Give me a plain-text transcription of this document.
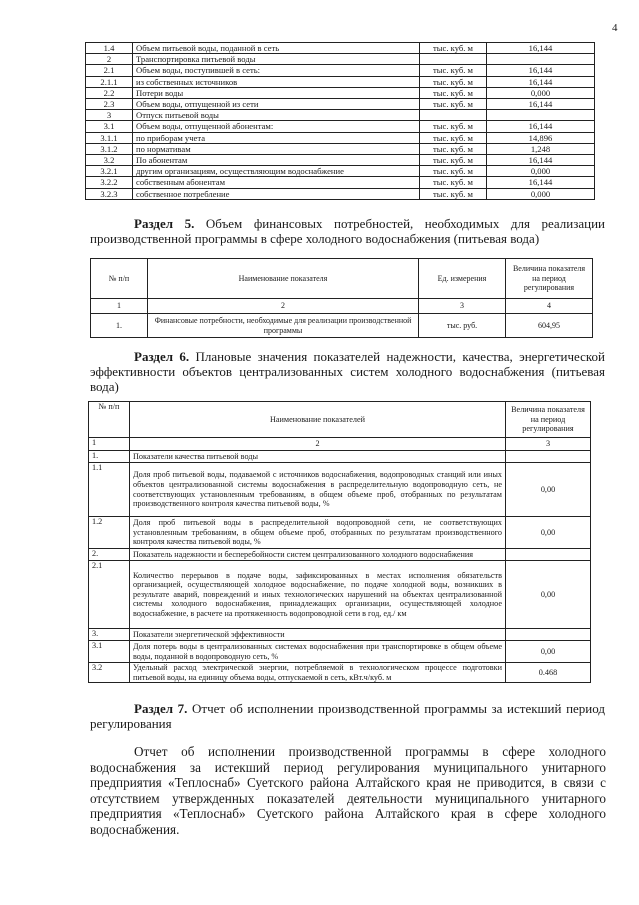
4
1.4	Объем питьевой воды, поданной в сеть	тыс. куб. м	16,144
2	Транспортировка питьевой воды		
2.1	Объем воды, поступившей в сеть:	тыс. куб. м	16,144
2.1.1	из собственных источников	тыс. куб. м	16,144
2.2	Потери воды	тыс. куб. м	0,000
2.3	Объем воды, отпущенной из сети	тыс. куб. м	16,144
3	Отпуск питьевой воды		
3.1	Объем воды, отпущенной абонентам:	тыс. куб. м	16,144
3.1.1	по приборам учета	тыс. куб. м	14,896
3.1.2	по нормативам	тыс. куб. м	1,248
3.2	По абонентам	тыс. куб. м	16,144
3.2.1	другим организациям, осуществляющим водоснабжение	тыс. куб. м	0,000
3.2.2	собственным абонентам	тыс. куб. м	16,144
3.2.3	собственное потребление	тыс. куб. м	0,000
Раздел 5. Объем финансовых потребностей, необходимых для реализации производственной программы в сфере холодного водоснабжения (питьевая вода)
№ п/п	Наименование показателя	Ед. измерения	Величина показателя на период регулирования
1	2	3	4
1.	Финансовые потребности, необходимые для реализации производственной программы	тыс. руб.	604,95
Раздел 6. Плановые значения показателей надежности, качества, энергетической эффективности объектов централизованных систем холодного водоснабжения (питьевая вода)
№ п/п	Наименование показателей	Величина показателя на период регулирования
1	2	3
1.	Показатели качества питьевой воды	
1.1	Доля проб питьевой воды, подаваемой с источников водоснабжения, водопроводных станций или иных объектов централизованной системы водоснабжения в распределительную водопроводную сеть, не соответствующих установленным требованиям, в общем объеме проб, отобранных по результатам производственного контроля качества питьевой воды, %	0,00
1.2	Доля проб питьевой воды в распределительной водопроводной сети, не соответствующих установленным требованиям, в общем объеме проб, отобранных по результатам производственного контроля качества питьевой воды, %	0,00
2.	Показатель надежности и бесперебойности систем централизованного холодного водоснабжения	
2.1	Количество перерывов в подаче воды, зафиксированных в местах исполнения обязательств организацией, осуществляющей холодное водоснабжение, по подаче холодной воды, возникших в результате аварий, повреждений и иных технологических нарушений на объектах централизованной системы холодного водоснабжения, принадлежащих организации, осуществляющей холодное водоснабжение, в расчете на протяженность водопроводной сети в год, ед./ км	0,00
3.	Показатели энергетической эффективности	
3.1	Доля потерь воды в централизованных системах водоснабжения при транспортировке в общем объеме воды, поданной в водопроводную сеть, %	0,00
3.2	Удельный расход электрической энергии, потребляемой в технологическом процессе подготовки питьевой воды, на единицу объема воды, отпускаемой в сеть, кВт.ч/куб. м	0.468
Раздел 7. Отчет об исполнении производственной программы за истекший период регулирования
Отчет об исполнении производственной программы в сфере холодного водоснабжения за истекший период регулирования муниципального унитарного предприятия «Теплоснаб» Суетского района Алтайского края не приводится, в связи с отсутствием утвержденных показателей деятельности муниципального унитарного предприятия «Теплоснаб» Суетского района Алтайского края в сфере холодного водоснабжения.
